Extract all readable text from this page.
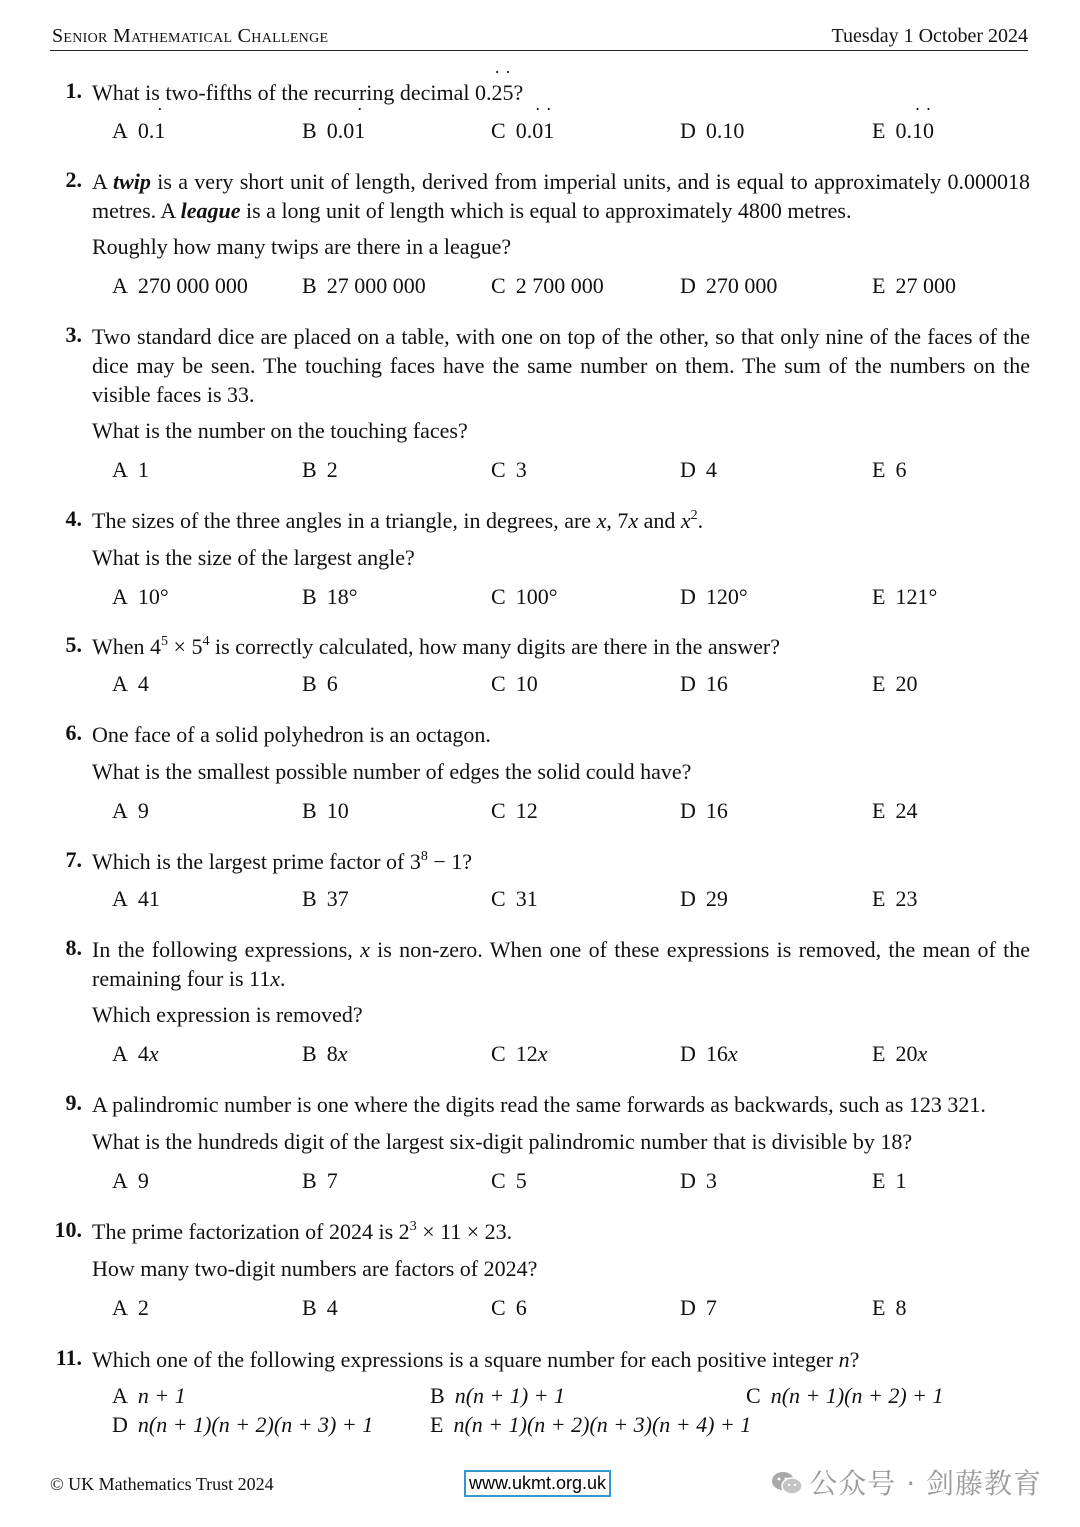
Senior Mathematical Challenge	Tuesday 1 October 2024
1. What is two-fifths of the recurring decimal 0.2 ˙5 ˙?
A 0.1 ˙	B 0.01 ˙	C 0.0 ˙1 ˙	D 0.10	E 0.1 ˙0 ˙
2. A twip is a very short unit of length, derived from imperial units, and is equal to approximately 0.000018 metres. A league is a long unit of length which is equal to approximately 4800 metres.
Roughly how many twips are there in a league?
A 270 000 000 B 27 000 000	C 2 700 000	D 270 000	E 27 000
3. Two standard dice are placed on a table, with one on top of the other, so that only nine of the faces of the dice may be seen. The touching faces have the same number on them. The sum of the numbers on the visible faces is 33.
What is the number on the touching faces?
A 1	B 2	C 3	D 4	E 6
4. The sizes of the three angles in a triangle, in degrees, are x, 7x and $x^2$.
What is the size of the largest angle?
A 10°	B 18°	C 100°	D 120°	E 121°
5. When $4^5 \times 5^4$ is correctly calculated, how many digits are there in the answer?
A 4	B 6	C 10	D 16	E 20
6. One face of a solid polyhedron is an octagon.
What is the smallest possible number of edges the solid could have?
A 9	B 10	C 12	D 16	E 24
7. Which is the largest prime factor of $3^8 - 1$?
A 41	B 37	C 31	D 29	E 23
8. In the following expressions, x is non-zero. When one of these expressions is removed, the mean of the remaining four is 11x.
Which expression is removed?
A 4x	B 8x	C 12x	D 16x	E 20x
9. A palindromic number is one where the digits read the same forwards as backwards, such as 123 321.
What is the hundreds digit of the largest six-digit palindromic number that is divisible by 18?
A 9	B 7	C 5	D 3	E 1
10. The prime factorization of 2024 is $2^3 \times 11 \times 23$.
How many two-digit numbers are factors of 2024?
A 2	B 4	C 6	D 7	E 8
11. Which one of the following expressions is a square number for each positive integer n?
A n + 1	B n(n + 1) + 1	C n(n + 1)(n + 2) + 1
D n(n + 1)(n + 2)(n + 3) + 1	E n(n + 1)(n + 2)(n + 3)(n + 4) + 1
© UK Mathematics Trust 2024	www.ukmt.org.uk	公众号 · 剑藤教育
